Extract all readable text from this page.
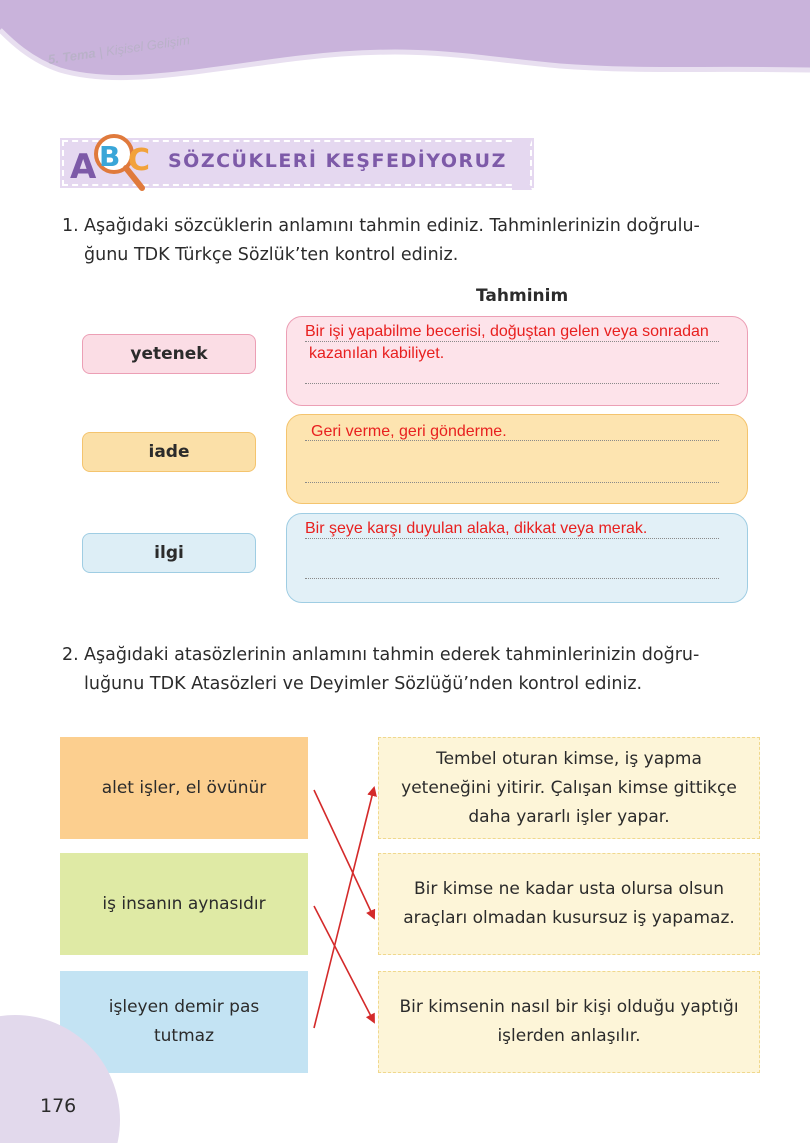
5. Tema | Kişisel Gelişim
A B C SÖZCÜKLERİ KEŞFEDİYORUZ
1. Aşağıdaki sözcüklerin anlamını tahmin ediniz. Tahminlerinizin doğrulu-
ğunu TDK Türkçe Sözlük’ten kontrol ediniz.
Tahminim
yetenek
iade
ilgi
Bir işi yapabilme becerisi, doğuştan gelen veya sonradan
kazanılan kabiliyet.
Geri verme, geri gönderme.
Bir şeye karşı duyulan alaka, dikkat veya merak.
2. Aşağıdaki atasözlerinin anlamını tahmin ederek tahminlerinizin doğru-
luğunu TDK Atasözleri ve Deyimler Sözlüğü’nden kontrol ediniz.
alet işler, el övünür
iş insanın aynasıdır
işleyen demir pas
tutmaz
Tembel oturan kimse, iş yapma
yeteneğini yitirir. Çalışan kimse gittikçe
daha yararlı işler yapar.
Bir kimse ne kadar usta olursa olsun
araçları olmadan kusursuz iş yapamaz.
Bir kimsenin nasıl bir kişi olduğu yaptığı
işlerden anlaşılır.
176
